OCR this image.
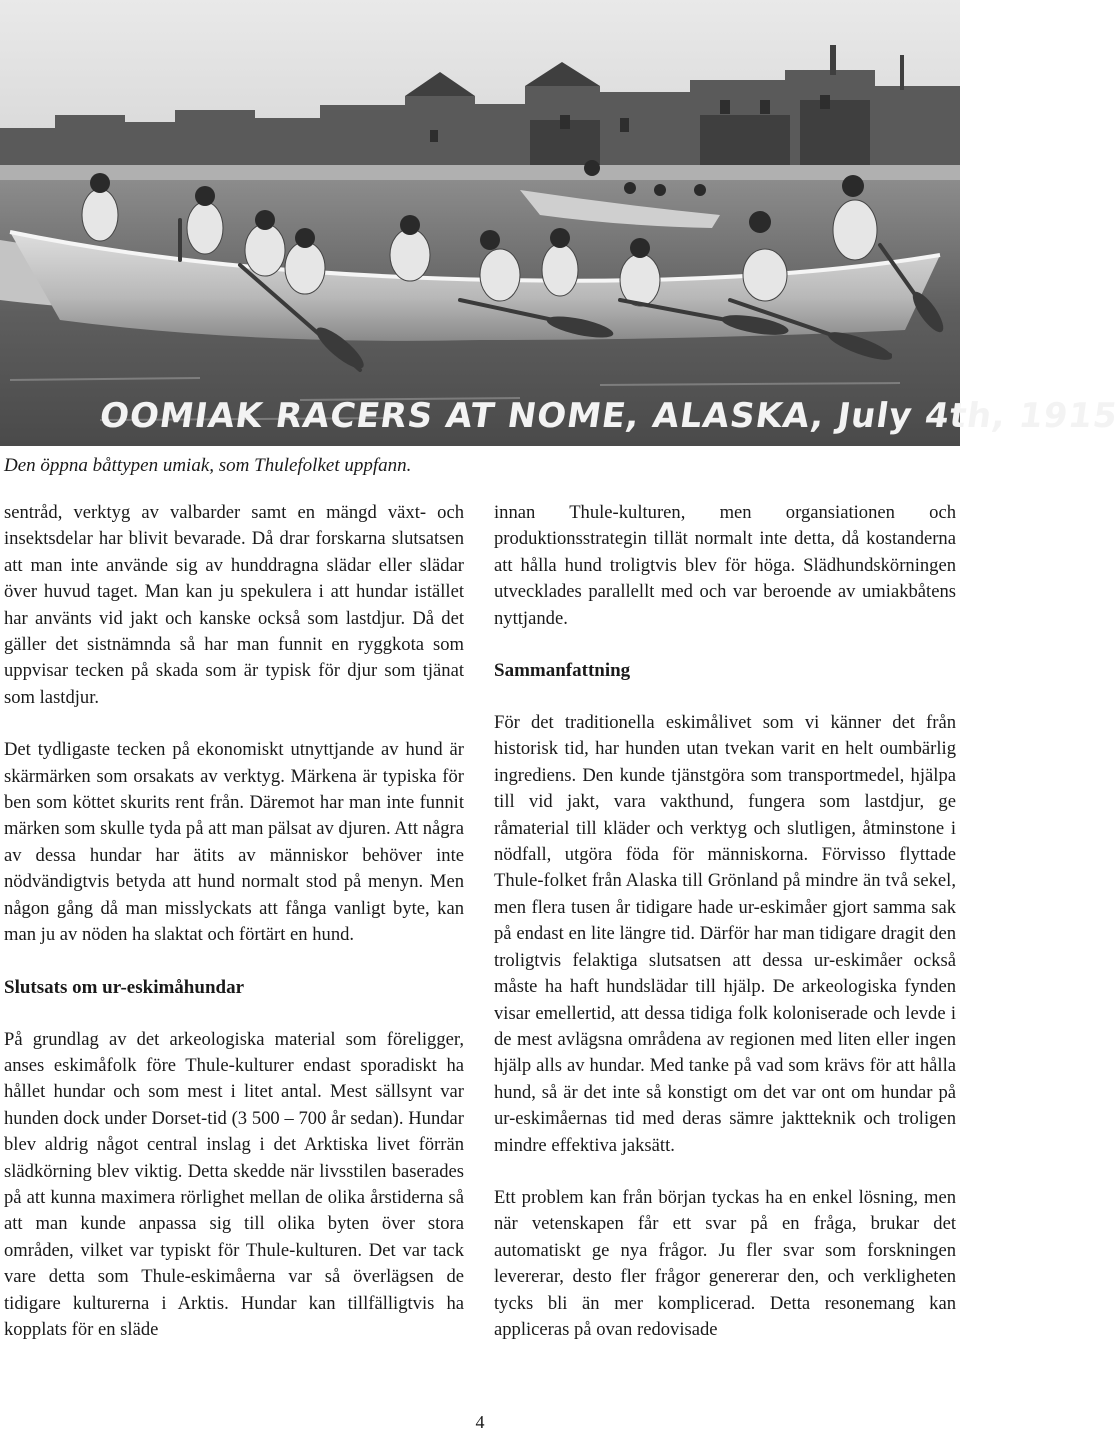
OOMIAK RACERS AT NOME, ALASKA, July 4th, 1915
Den öppna båttypen umiak, som Thulefolket uppfann.

sentråd, verktyg av valbarder samt en mängd växt- och insektsdelar har blivit bevarade. Då drar forskarna slutsatsen att man inte använde sig av hunddragna slädar eller slädar över huvud taget. Man kan ju spekulera i att hundar istället har använts vid jakt och kanske också som lastdjur. Då det gäller det sistnämnda så har man funnit en ryggkota som uppvisar tecken på skada som är typisk för djur som tjänat som lastdjur.

Det tydligaste tecken på ekonomiskt utnyttjande av hund är skärmärken som orsakats av verktyg. Märkena är typiska för ben som köttet skurits rent från. Däremot har man inte funnit märken som skulle tyda på att man pälsat av djuren. Att några av dessa hundar har ätits av människor behöver inte nödvändigtvis betyda att hund normalt stod på menyn. Men någon gång då man misslyckats att fånga vanligt byte, kan man ju av nöden ha slaktat och förtärt en hund.

Slutsats om ur-eskimåhundar

På grundlag av det arkeologiska material som föreligger, anses eskimåfolk före Thule-kulturer endast sporadiskt ha hållet hundar och som mest i litet antal. Mest sällsynt var hunden dock under Dorset-tid (3 500 – 700 år sedan). Hundar blev aldrig något central inslag i det Arktiska livet förrän slädkörning blev viktig. Detta skedde när livsstilen baserades på att kunna maximera rörlighet mellan de olika årstiderna så att man kunde anpassa sig till olika byten över stora områden, vilket var typiskt för Thule-kulturen. Det var tack vare detta som Thule-eskimåerna var så överlägsen de tidigare kulturerna i Arktis. Hundar kan tillfälligtvis ha kopplats för en släde

innan Thule-kulturen, men organsiationen och produktionsstrategin tillät normalt inte detta, då kostanderna att hålla hund troligtvis blev för höga. Slädhundskörningen utvecklades parallellt med och var beroende av umiakbåtens nyttjande.

Sammanfattning

För det traditionella eskimålivet som vi känner det från historisk tid, har hunden utan tvekan varit en helt oumbärlig ingrediens. Den kunde tjänstgöra som transportmedel, hjälpa till vid jakt, vara vakthund, fungera som lastdjur, ge råmaterial till kläder och verktyg och slutligen, åtminstone i nödfall, utgöra föda för människorna. Förvisso flyttade Thule-folket från Alaska till Grönland på mindre än två sekel, men flera tusen år tidigare hade ur-eskimåer gjort samma sak på endast en lite längre tid. Därför har man tidigare dragit den troligtvis felaktiga slutsatsen att dessa ur-eskimåer också måste ha haft hundslädar till hjälp. De arkeologiska fynden visar emellertid, att dessa tidiga folk koloniserade och levde i de mest avlägsna områdena av regionen med liten eller ingen hjälp alls av hundar. Med tanke på vad som krävs för att hålla hund, så är det inte så konstigt om det var ont om hundar på ur-eskimåernas tid med deras sämre jaktteknik och troligen mindre effektiva jaksätt.

Ett problem kan från början tyckas ha en enkel lösning, men när vetenskapen får ett svar på en fråga, brukar det automatiskt ge nya frågor. Ju fler svar som forskningen levererar, desto fler frågor genererar den, och verkligheten tycks bli än mer komplicerad. Detta resonemang kan appliceras på ovan redovisade

4
